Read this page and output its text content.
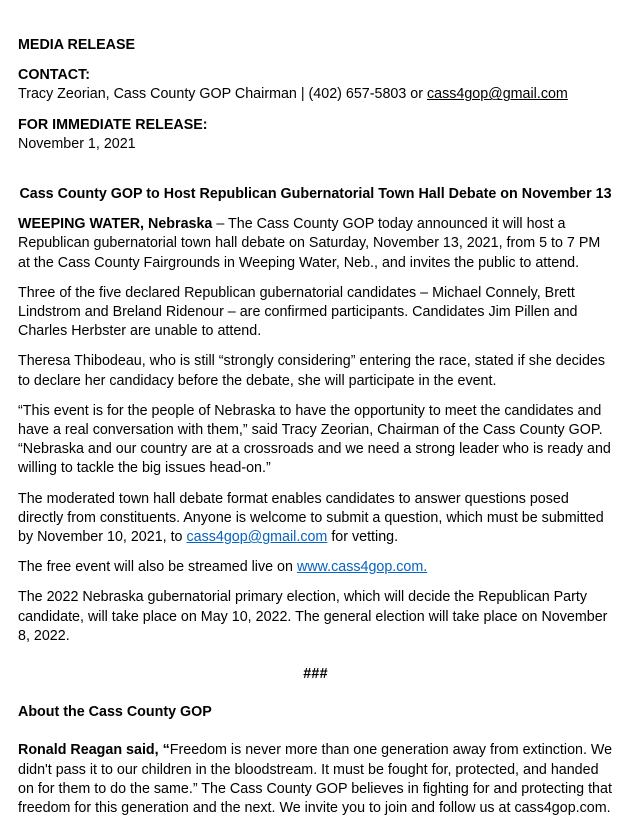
MEDIA RELEASE

CONTACT:

Tracy Zeorian, Cass County GOP Chairman | (402) 657-5803 or cass4gop@gmail.com

FOR IMMEDIATE RELEASE:

November 1, 2021

Cass County GOP to Host Republican Gubernatorial Town Hall Debate on November 13

WEEPING WATER, Nebraska – The Cass County GOP today announced it will host a Republican gubernatorial town hall debate on Saturday, November 13, 2021, from 5 to 7 PM at the Cass County Fairgrounds in Weeping Water, Neb., and invites the public to attend.

Three of the five declared Republican gubernatorial candidates – Michael Connely, Brett Lindstrom and Breland Ridenour – are confirmed participants. Candidates Jim Pillen and Charles Herbster are unable to attend.

Theresa Thibodeau, who is still “strongly considering” entering the race, stated if she decides to declare her candidacy before the debate, she will participate in the event.

“This event is for the people of Nebraska to have the opportunity to meet the candidates and have a real conversation with them,” said Tracy Zeorian, Chairman of the Cass County GOP. “Nebraska and our country are at a crossroads and we need a strong leader who is ready and willing to tackle the big issues head-on.”

The moderated town hall debate format enables candidates to answer questions posed directly from constituents. Anyone is welcome to submit a question, which must be submitted by November 10, 2021, to cass4gop@gmail.com for vetting.

The free event will also be streamed live on www.cass4gop.com.

The 2022 Nebraska gubernatorial primary election, which will decide the Republican Party candidate, will take place on May 10, 2022. The general election will take place on November 8, 2022.

###

About the Cass County GOP

Ronald Reagan said, “Freedom is never more than one generation away from extinction. We didn't pass it to our children in the bloodstream. It must be fought for, protected, and handed on for them to do the same.” The Cass County GOP believes in fighting for and protecting that freedom for this generation and the next. We invite you to join and follow us at cass4gop.com.
